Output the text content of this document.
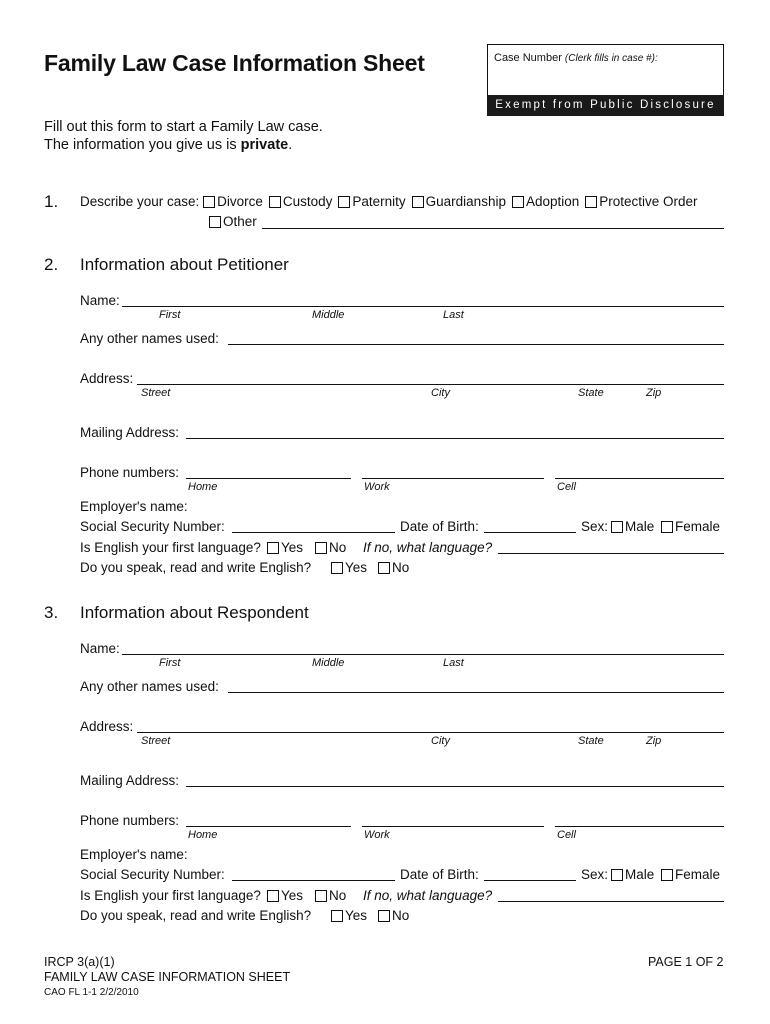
Family Law Case Information Sheet	Case Number (Clerk fills in case #):
Exempt from Public Disclosure
Fill out this form to start a Family Law case.
The information you give us is private.
1. Describe your case: Divorce Custody Paternity Guardianship Adoption Protective Order
Other
2. Information about Petitioner
Name:
First	Middle	Last
Any other names used:
Address:
Street	City	State	Zip
Mailing Address:
Phone numbers:
Home	Work	Cell
Employer's name:
Social Security Number:	Date of Birth:	Sex:	Male	Female
Is English your first language?	Yes	No If no, what language?
Do you speak, read and write English?	Yes	No
3. Information about Respondent
Name:
First	Middle	Last
Any other names used:
Address:
Street	City	State	Zip
Mailing Address:
Phone numbers:
Home	Work	Cell
Employer's name:
Social Security Number:	Date of Birth:	Sex:	Male	Female
Is English your first language?	Yes	No If no, what language?
Do you speak, read and write English?	Yes	No
IRCP 3(a)(1)
FAMILY LAW CASE INFORMATION SHEET
CAO FL 1-1 2/2/2010
PAGE 1 OF 2
